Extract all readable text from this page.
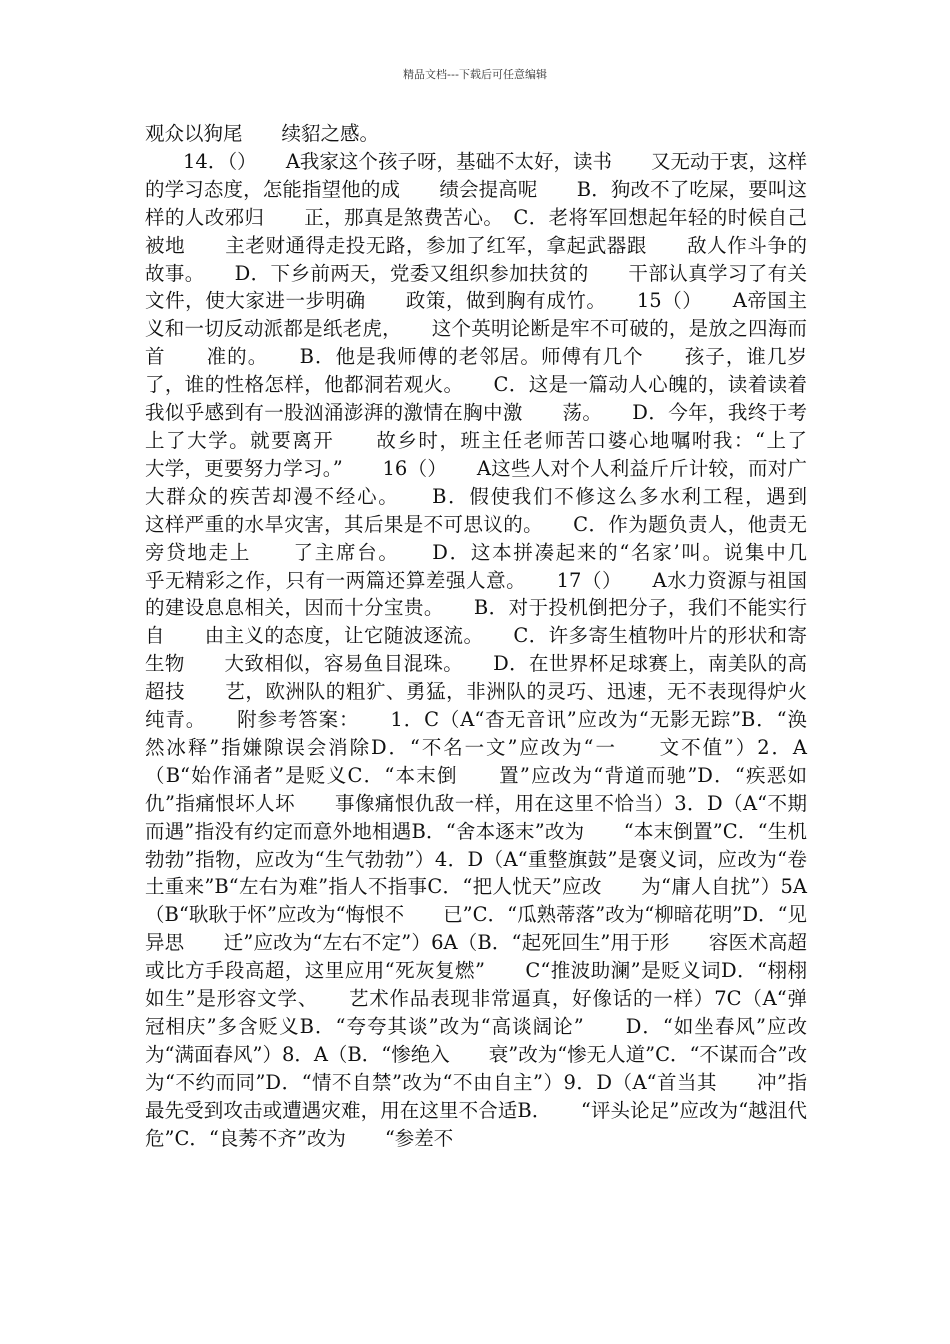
精品文档---下载后可任意编辑
观众以狗尾　　续貂之感。

14．（）　　A我家这个孩子呀，基础不太好，读书　　又无动于衷，这样的学习态度，怎能指望他的成　　绩会提高呢　　B．狗改不了吃屎，要叫这样的人改邪归　　正，那真是煞费苦心。　C．老将军回想起年轻的时候自己被地　　主老财通得走投无路，参加了红军，拿起武器跟　　敌人作斗争的故事。　　D．下乡前两天，党委又组织参加扶贫的　　干部认真学习了有关文件，使大家进一步明确　　政策，做到胸有成竹。　　15（）　　A帝国主义和一切反动派都是纸老虎，　　这个英明论断是牢不可破的，是放之四海而首　　准的。　　B．他是我师傅的老邻居。师傅有几个　　孩子，谁几岁了，谁的性格怎样，他都洞若观火。　　C．这是一篇动人心魄的，读着读着　　我似乎感到有一股汹涌澎湃的激情在胸中激　　荡。　　D．今年，我终于考上了大学。就要离开　　故乡时，班主任老师苦口婆心地嘱咐我：“上了　　大学，更要努力学习。”　　16（）　　A这些人对个人利益斤斤计较，而对广大群众的疾苦却漫不经心。　　B．假使我们不修这么多水利工程，遇到　　这样严重的水旱灾害，其后果是不可思议的。　　C．作为题负责人，他责无旁贷地走上　　了主席台。　　D．这本拼凑起来的“名家’叫。说集中几　　乎无精彩之作，只有一两篇还算差强人意。　　17（）　　A水力资源与祖国的建设息息相关，因而十分宝贵。　　B．对于投机倒把分子，我们不能实行自　　由主义的态度，让它随波逐流。　　C．许多寄生植物叶片的形状和寄生物　　大致相似，容易鱼目混珠。　　D．在世界杯足球赛上，南美队的高超技　　艺，欧洲队的粗犷、勇猛，非洲队的灵巧、迅速，无不表现得炉火纯青。　　附参考答案：　　1．C（A“杳无音讯”应改为“无影无踪”B．“涣　　然冰释”指嫌隙误会消除D．“不名一文”应改为“一　　文不值”）2．A（B“始作涌者”是贬义C．“本末倒　　置”应改为“背道而驰”D．“疾恶如仇”指痛恨坏人坏　　事像痛恨仇敌一样，用在这里不恰当）3．D（A“不期而遇”指没有约定而意外地相遇B．“舍本逐末”改为　　“本末倒置”C．“生机勃勃”指物，应改为“生气勃勃”）4．D（A“重整旗鼓”是褒义词，应改为“卷土重来”B“左右为难”指人不指事C．“把人忧天”应改　　为“庸人自扰”）5A（B“耿耿于怀”应改为“悔恨不　　已”C．“瓜熟蒂落”改为“柳暗花明”D．“见异思　　迁”应改为“左右不定”）6A（B．“起死回生”用于形　　容医术高超或比方手段高超，这里应用“死灰复燃”　　C“推波助澜”是贬义词D．“栩栩如生”是形容文学、　　艺术作品表现非常逼真，好像话的一样）7C（A“弹　　冠相庆”多含贬义B．“夸夸其谈”改为“高谈阔论”　　D．“如坐春风”应改为“满面春风”）8．A（B．“惨绝入　　衰”改为“惨无人道”C．“不谋而合”改为“不约而同”D．“情不自禁”改为“不由自主”）9．D（A“首当其　　冲”指最先受到攻击或遭遇灾难，用在这里不合适B．　　“评头论足”应改为“越沮代危”C．“良莠不齐”改为　　“参差不
